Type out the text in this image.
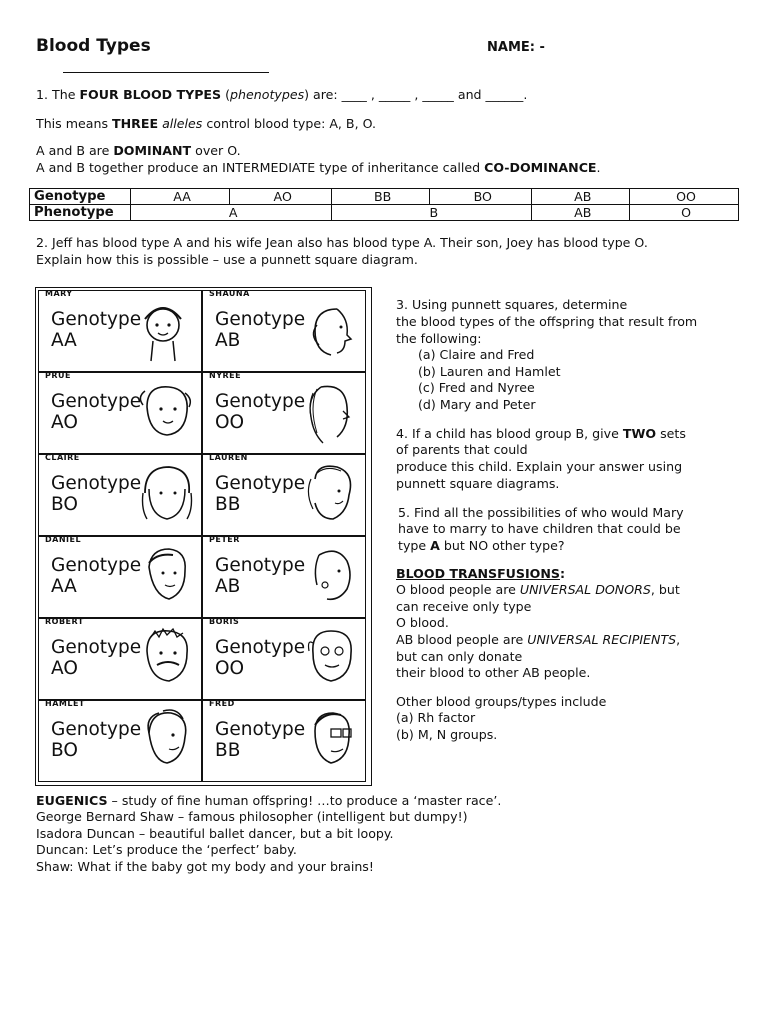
Blood Types	NAME: -
1. The FOUR BLOOD TYPES (phenotypes) are: ____ , _____ , _____ and ______.
This means THREE alleles control blood type: A, B, O.
A and B are DOMINANT over O.
A and B together produce an INTERMEDIATE type of inheritance called CO-DOMINANCE.
Genotype	AA	AO	BB	BO	AB	OO
Phenotype	A		B		AB	O
2. Jeff has blood type A and his wife Jean also has blood type A. Their son, Joey has blood type O.
Explain how this is possible – use a punnett square diagram.
MARY
Genotype
AA
SHAUNA
Genotype
AB
PRUE
Genotype
AO
NYREE
Genotype
OO
CLAIRE
Genotype
BO
LAUREN
Genotype
BB
DANIEL
Genotype
AA
PETER
Genotype
AB
ROBERT
Genotype
AO
BORIS
Genotype
OO
HAMLET
Genotype
BO
FRED
Genotype
BB
3. Using punnett squares, determine
the blood types of the offspring that result from
the following:
(a) Claire and Fred
(b) Lauren and Hamlet
(c) Fred and Nyree
(d) Mary and Peter
4. If a child has blood group B, give TWO sets
of parents that could
produce this child. Explain your answer using
punnett square diagrams.
5. Find all the possibilities of who would Mary
have to marry to have children that could be
type A but NO other type?
BLOOD TRANSFUSIONS:
O blood people are UNIVERSAL DONORS, but
can receive only type
O blood.
AB blood people are UNIVERSAL RECIPIENTS,
but can only donate
their blood to other AB people.
Other blood groups/types include
(a) Rh factor
(b) M, N groups.
EUGENICS – study of fine human offspring! …to produce a ‘master race’.
George Bernard Shaw – famous philosopher (intelligent but dumpy!)
Isadora Duncan – beautiful ballet dancer, but a bit loopy.
Duncan: Let’s produce the ‘perfect’ baby.
Shaw: What if the baby got my body and your brains!
